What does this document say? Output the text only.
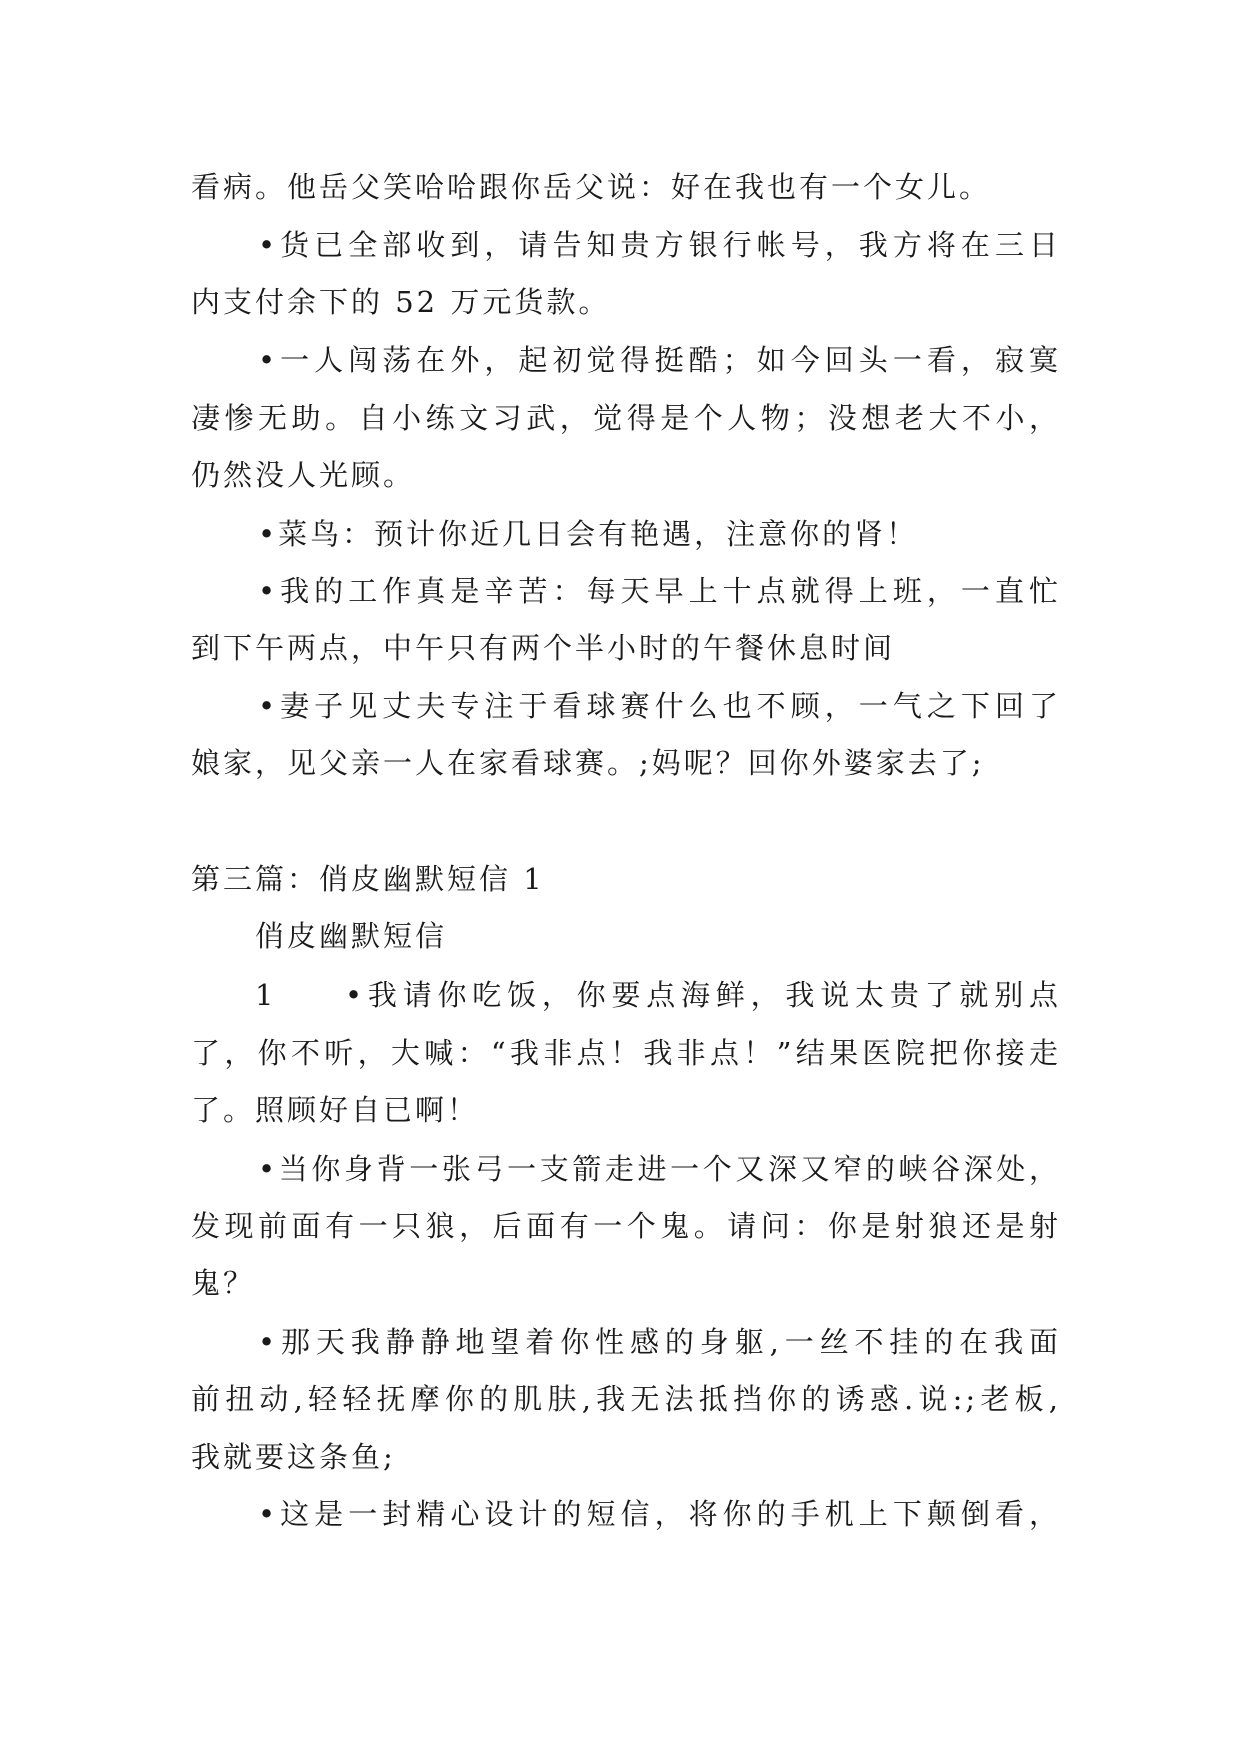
看病。他岳父笑哈哈跟你岳父说：好在我也有一个女儿。
•货已全部收到，请告知贵方银行帐号，我方将在三日
内支付余下的 52 万元货款。
•一人闯荡在外，起初觉得挺酷；如今回头一看，寂寞
凄惨无助。自小练文习武，觉得是个人物；没想老大不小，
仍然没人光顾。
•菜鸟：预计你近几日会有艳遇，注意你的肾！
•我的工作真是辛苦：每天早上十点就得上班，一直忙
到下午两点，中午只有两个半小时的午餐休息时间
•妻子见丈夫专注于看球赛什么也不顾，一气之下回了
娘家，见父亲一人在家看球赛。;妈呢？回你外婆家去了;
第三篇：俏皮幽默短信 1
俏皮幽默短信
1 •我请你吃饭，你要点海鲜，我说太贵了就别点
了，你不听，大喊：“我非点！我非点！”结果医院把你接走
了。照顾好自已啊！
•当你身背一张弓一支箭走进一个又深又窄的峡谷深处，
发现前面有一只狼，后面有一个鬼。请问：你是射狼还是射
鬼？
•那天我静静地望着你性感的身躯,一丝不挂的在我面
前扭动,轻轻抚摩你的肌肤,我无法抵挡你的诱惑.说:;老板,
我就要这条鱼;
•这是一封精心设计的短信，将你的手机上下颠倒看，
